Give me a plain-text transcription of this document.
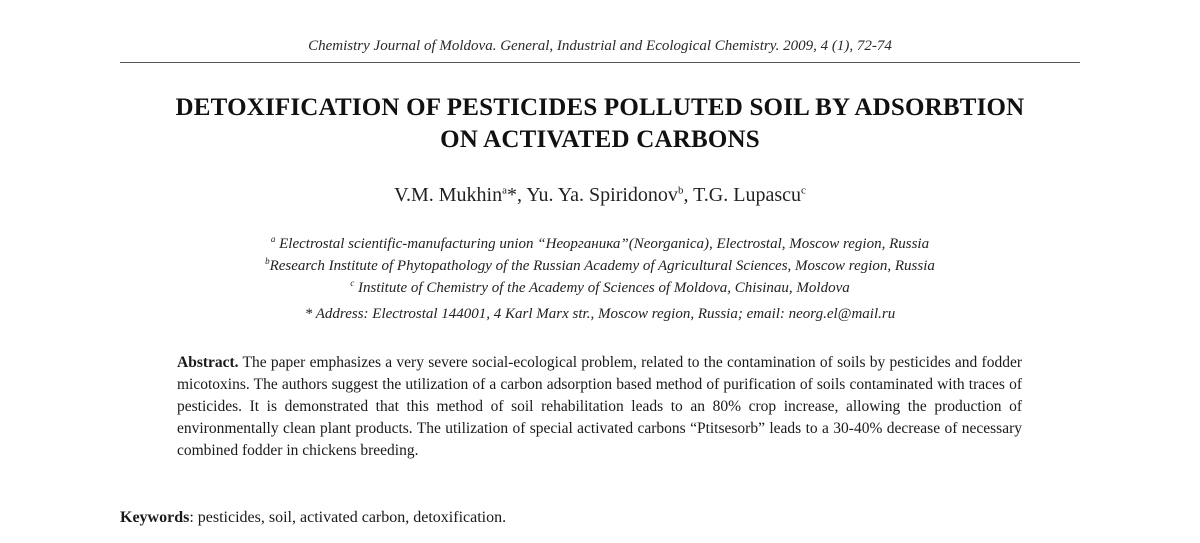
Chemistry Journal of Moldova. General, Industrial and Ecological Chemistry. 2009, 4 (1), 72-74
DETOXIFICATION OF PESTICIDES POLLUTED SOIL BY ADSORBTION
ON ACTIVATED CARBONS
V.M. Mukhin$^a$*, Yu. Ya. Spiridonov$^b$, T.G. Lupascu$^c$
$^a$ Electrostal scientific-manufacturing union “Неорганика”(Neorganica), Electrostal, Moscow region, Russia
$^b$Research Institute of Phytopathology of the Russian Academy of Agricultural Sciences, Moscow region, Russia
$^c$ Institute of Chemistry of the Academy of Sciences of Moldova, Chisinau, Moldova
* Address: Electrostal 144001, 4 Karl Marx str., Moscow region, Russia; email: neorg.el@mail.ru
Abstract. The paper emphasizes a very severe social-ecological problem, related to the contamination of soils by pesticides and fodder micotoxins. The authors suggest the utilization of a carbon adsorption based method of purification of soils contaminated with traces of pesticides. It is demonstrated that this method of soil rehabilitation leads to an 80% crop increase, allowing the production of environmentally clean plant products. The utilization of special activated carbons “Ptitsesorb” leads to a 30-40% decrease of necessary combined fodder in chickens breeding.
Keywords: pesticides, soil, activated carbon, detoxification.
